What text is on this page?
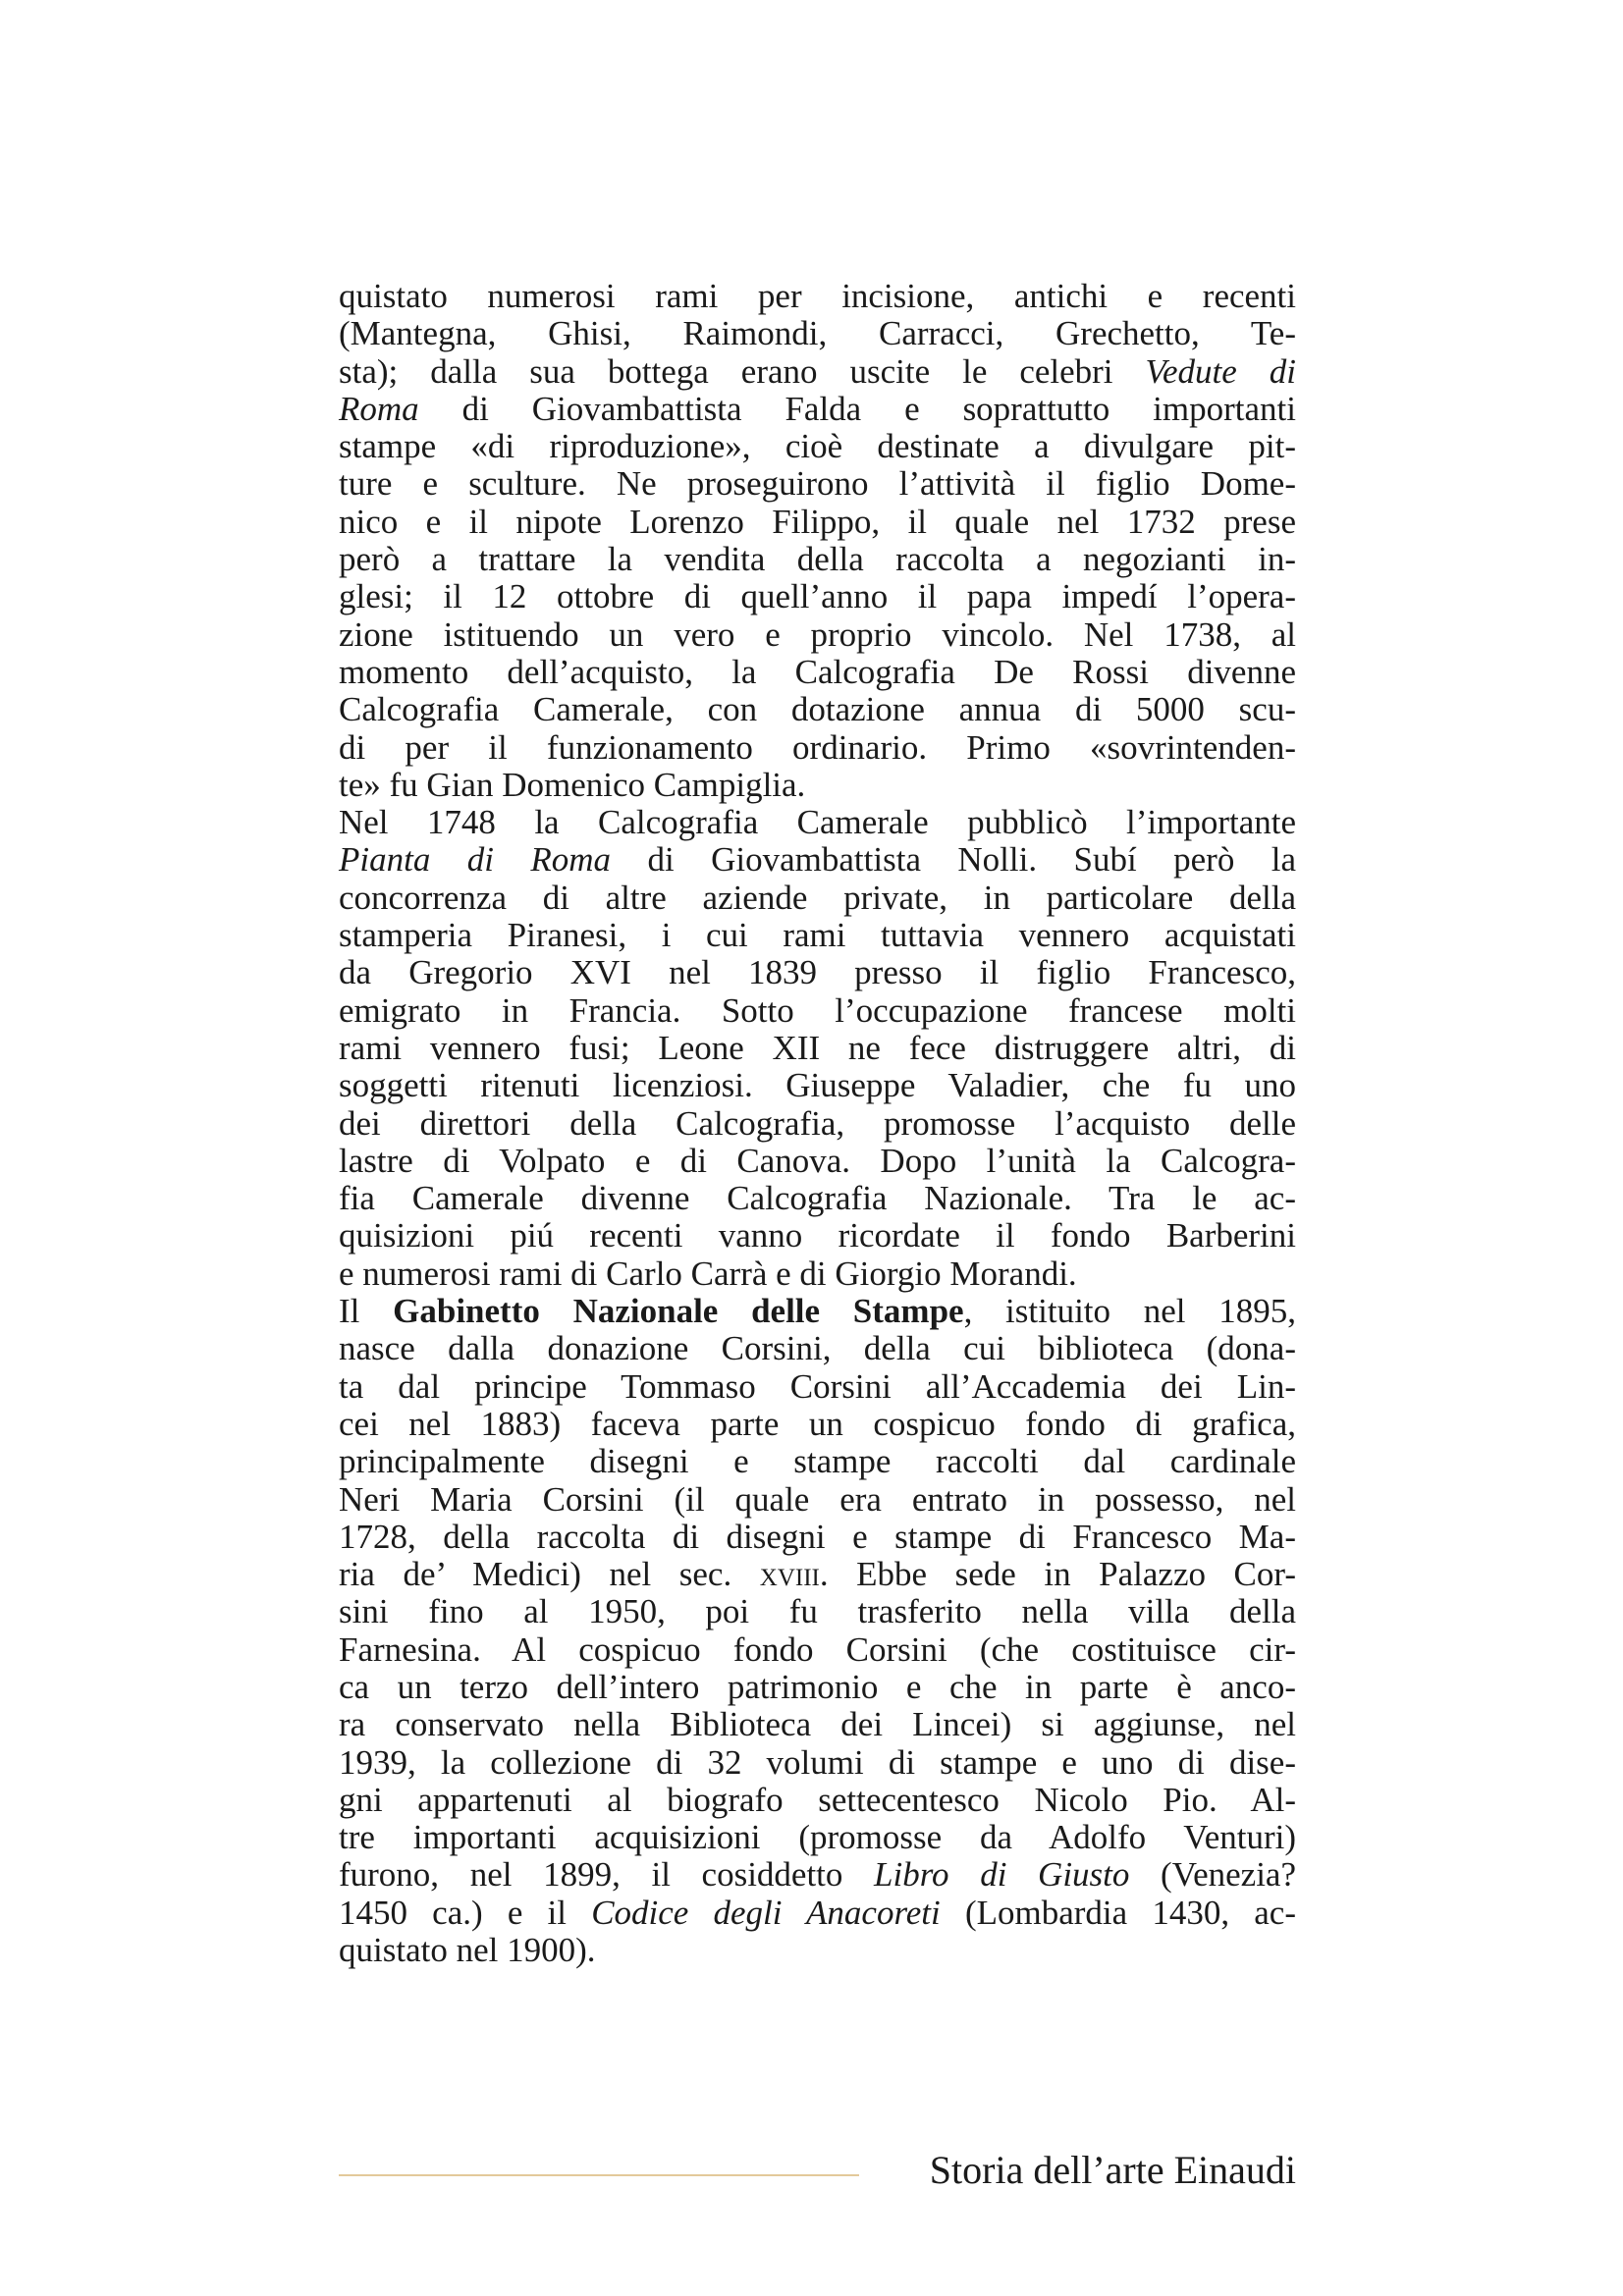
quistato numerosi rami per incisione, antichi e recenti
(Mantegna, Ghisi, Raimondi, Carracci, Grechetto, Te-
sta); dalla sua bottega erano uscite le celebri Vedute di
Roma di Giovambattista Falda e soprattutto importanti
stampe «di riproduzione», cioè destinate a divulgare pit-
ture e sculture. Ne proseguirono l’attività il figlio Dome-
nico e il nipote Lorenzo Filippo, il quale nel 1732 prese
però a trattare la vendita della raccolta a negozianti in-
glesi; il 12 ottobre di quell’anno il papa impedí l’opera-
zione istituendo un vero e proprio vincolo. Nel 1738, al
momento dell’acquisto, la Calcografia De Rossi divenne
Calcografia Camerale, con dotazione annua di 5000 scu-
di per il funzionamento ordinario. Primo «sovrintenden-
te» fu Gian Domenico Campiglia.
Nel 1748 la Calcografia Camerale pubblicò l’importante
Pianta di Roma di Giovambattista Nolli. Subí però la
concorrenza di altre aziende private, in particolare della
stamperia Piranesi, i cui rami tuttavia vennero acquistati
da Gregorio XVI nel 1839 presso il figlio Francesco,
emigrato in Francia. Sotto l’occupazione francese molti
rami vennero fusi; Leone XII ne fece distruggere altri, di
soggetti ritenuti licenziosi. Giuseppe Valadier, che fu uno
dei direttori della Calcografia, promosse l’acquisto delle
lastre di Volpato e di Canova. Dopo l’unità la Calcogra-
fia Camerale divenne Calcografia Nazionale. Tra le ac-
quisizioni piú recenti vanno ricordate il fondo Barberini
e numerosi rami di Carlo Carrà e di Giorgio Morandi.
Il Gabinetto Nazionale delle Stampe, istituito nel 1895,
nasce dalla donazione Corsini, della cui biblioteca (dona-
ta dal principe Tommaso Corsini all’Accademia dei Lin-
cei nel 1883) faceva parte un cospicuo fondo di grafica,
principalmente disegni e stampe raccolti dal cardinale
Neri Maria Corsini (il quale era entrato in possesso, nel
1728, della raccolta di disegni e stampe di Francesco Ma-
ria de’ Medici) nel sec. xviii. Ebbe sede in Palazzo Cor-
sini fino al 1950, poi fu trasferito nella villa della
Farnesina. Al cospicuo fondo Corsini (che costituisce cir-
ca un terzo dell’intero patrimonio e che in parte è anco-
ra conservato nella Biblioteca dei Lincei) si aggiunse, nel
1939, la collezione di 32 volumi di stampe e uno di dise-
gni appartenuti al biografo settecentesco Nicolo Pio. Al-
tre importanti acquisizioni (promosse da Adolfo Venturi)
furono, nel 1899, il cosiddetto Libro di Giusto (Venezia?
1450 ca.) e il Codice degli Anacoreti (Lombardia 1430, ac-
quistato nel 1900).
Storia dell’arte Einaudi
